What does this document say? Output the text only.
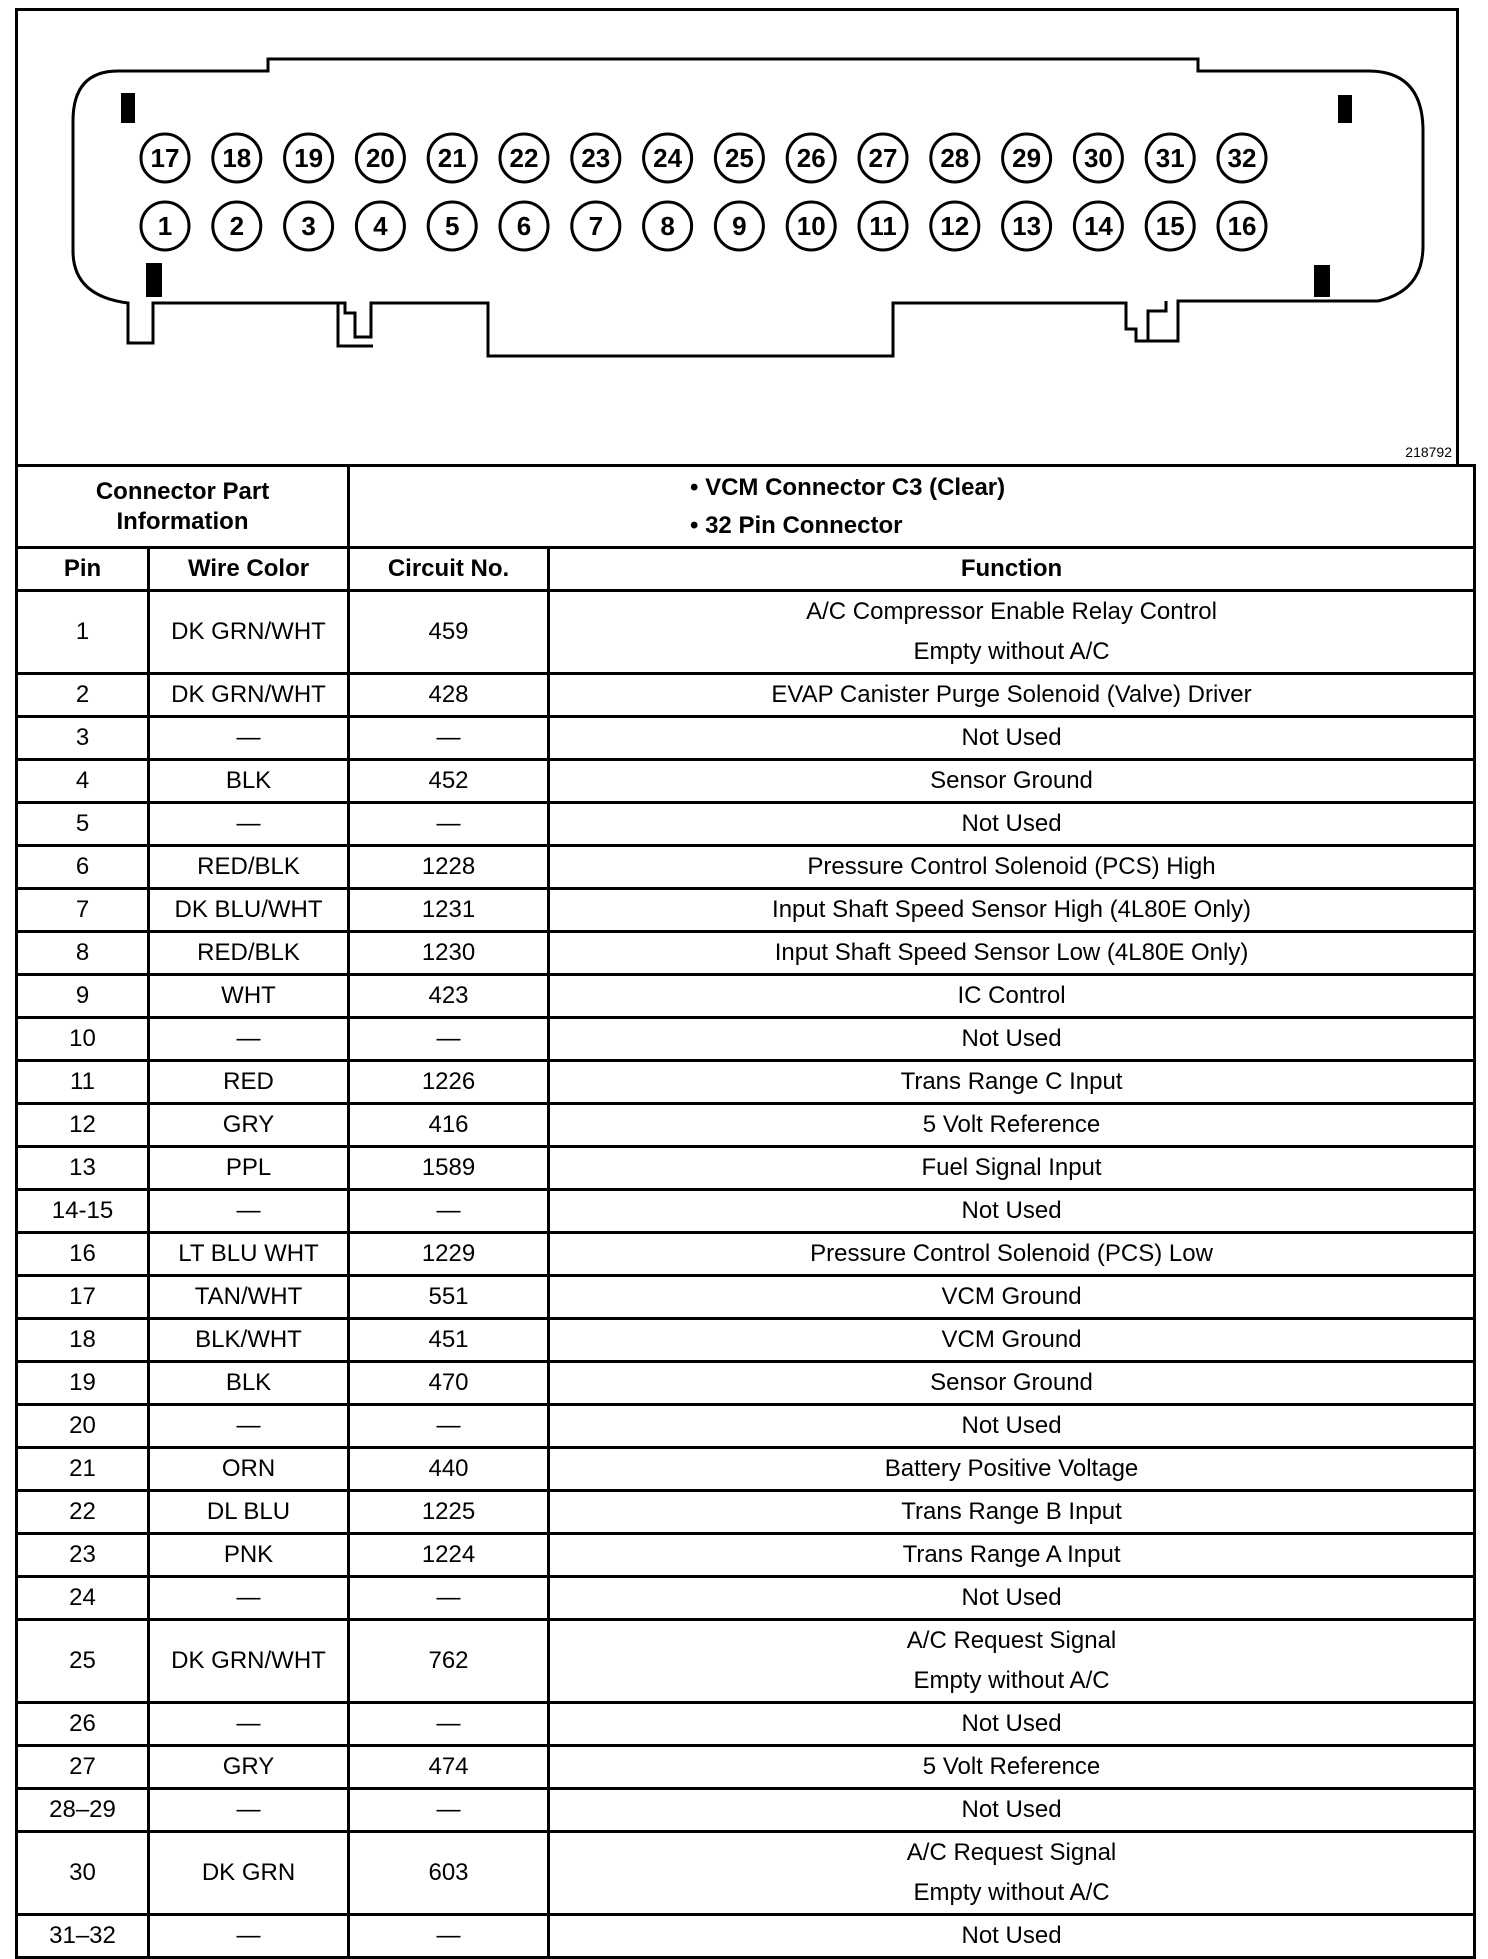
17 18 19 20 21 22 23 24 25 26 27 28 29 30 31 32
1 2 3 4 5 6 7 8 9 10 11 12 13 14 15 16
218792
Connector Part
Information		• VCM Connector C3 (Clear)
• 32 Pin Connector	

Pin	Wire Color	Circuit No.	Function
1	DK GRN/WHT	459	A/C Compressor Enable Relay Control
Empty without A/C

2	DK GRN/WHT	428	EVAP Canister Purge Solenoid (Valve) Driver

3	—	—	Not Used

4	BLK	452	Sensor Ground

5	—	—	Not Used

6	RED/BLK	1228	Pressure Control Solenoid (PCS) High

7	DK BLU/WHT	1231	Input Shaft Speed Sensor High (4L80E Only)

8	RED/BLK	1230	Input Shaft Speed Sensor Low (4L80E Only)

9	WHT	423	IC Control

10	—	—	Not Used

11	RED	1226	Trans Range C Input

12	GRY	416	5 Volt Reference

13	PPL	1589	Fuel Signal Input

14-15	—	—	Not Used

16	LT BLU WHT	1229	Pressure Control Solenoid (PCS) Low

17	TAN/WHT	551	VCM Ground

18	BLK/WHT	451	VCM Ground

19	BLK	470	Sensor Ground

20	—	—	Not Used

21	ORN	440	Battery Positive Voltage

22	DL BLU	1225	Trans Range B Input

23	PNK	1224	Trans Range A Input

24	—	—	Not Used

25	DK GRN/WHT	762	A/C Request Signal
Empty without A/C

26	—	—	Not Used

27	GRY	474	5 Volt Reference

28–29	—	—	Not Used

30	DK GRN	603	A/C Request Signal
Empty without A/C

31–32	—	—	Not Used
